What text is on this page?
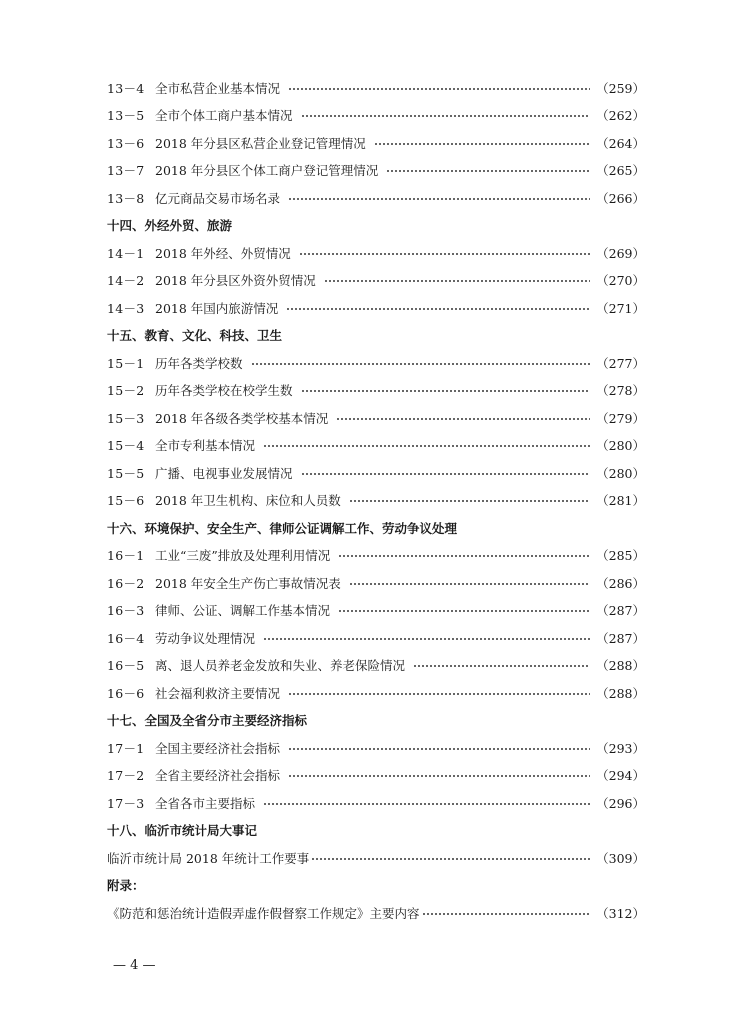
13－4 全市私营企业基本情况	（259）
13－5 全市个体工商户基本情况	（262）
13－6 2018 年分县区私营企业登记管理情况	（264）
13－7 2018 年分县区个体工商户登记管理情况	（265）
13－8 亿元商品交易市场名录	（266）
十四、外经外贸、旅游
14－1 2018 年外经、外贸情况	（269）
14－2 2018 年分县区外资外贸情况	（270）
14－3 2018 年国内旅游情况	（271）
十五、教育、文化、科技、卫生
15－1 历年各类学校数	（277）
15－2 历年各类学校在校学生数	（278）
15－3 2018 年各级各类学校基本情况	（279）
15－4 全市专利基本情况	（280）
15－5 广播、电视事业发展情况	（280）
15－6 2018 年卫生机构、床位和人员数	（281）
十六、环境保护、安全生产、律师公证调解工作、劳动争议处理
16－1 工业“三废”排放及处理利用情况	（285）
16－2 2018 年安全生产伤亡事故情况表	（286）
16－3 律师、公证、调解工作基本情况	（287）
16－4 劳动争议处理情况	（287）
16－5 离、退人员养老金发放和失业、养老保险情况	（288）
16－6 社会福利救济主要情况	（288）
十七、全国及全省分市主要经济指标
17－1 全国主要经济社会指标	（293）
17－2 全省主要经济社会指标	（294）
17－3 全省各市主要指标	（296）
十八、临沂市统计局大事记
临沂市统计局 2018 年统计工作要事	（309）
附录：
《防范和惩治统计造假弄虚作假督察工作规定》主要内容	（312）
— 4 —
